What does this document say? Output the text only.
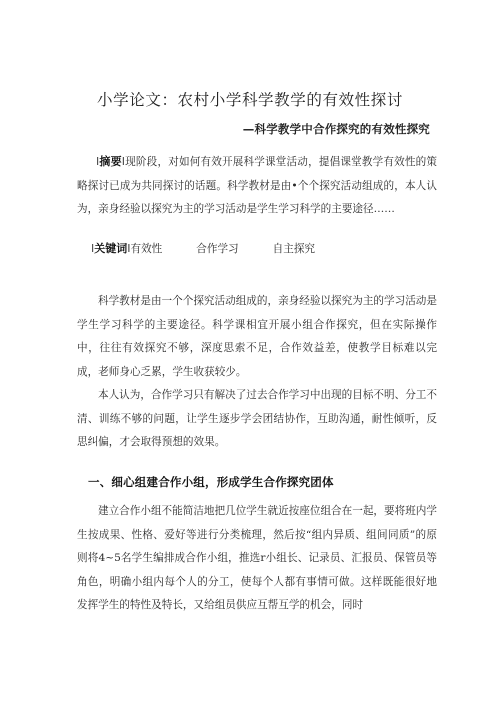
小学论文：农村小学科学教学的有效性探讨
—科学教学中合作探究的有效性探究
I摘要I现阶段，对如何有效开展科学课堂活动，提倡课堂教学有效性的策略探讨已成为共同探讨的话题。科学教材是由•个个探究活动组成的，本人认为，亲身经验以探究为主的学习活动是学生学习科学的主要途径……
I关键词I有效性	合作学习	自主探究
科学教材是由一个个探究活动组成的，亲身经验以探究为主的学习活动是学生学习科学的主要途径。科学课相宜开展小组合作探究，但在实际操作中，往往有效探究不够，深度思索不足，合作效益差，使教学目标难以完成，老师身心乏累，学生收获较少。
本人认为，合作学习只有解决了过去合作学习中出现的目标不明、分工不清、训练不够的问题，让学生逐步学会团结协作，互助沟通，耐性倾听，反思纠偏，才会取得预想的效果。
一、细心组建合作小组，形成学生合作探究团体
建立合作小组不能简洁地把几位学生就近按座位组合在一起，要将班内学生按成果、性格、爱好等进行分类梳理，然后按“组内异质、组间同质”的原则将4~5名学生编排成合作小组，推选r小组长、记录员、汇报员、保管员等角色，明确小组内每个人的分工，使每个人都有事情可做。这样既能很好地发挥学生的特性及特长，又给组员供应互帮互学的机会，同时
